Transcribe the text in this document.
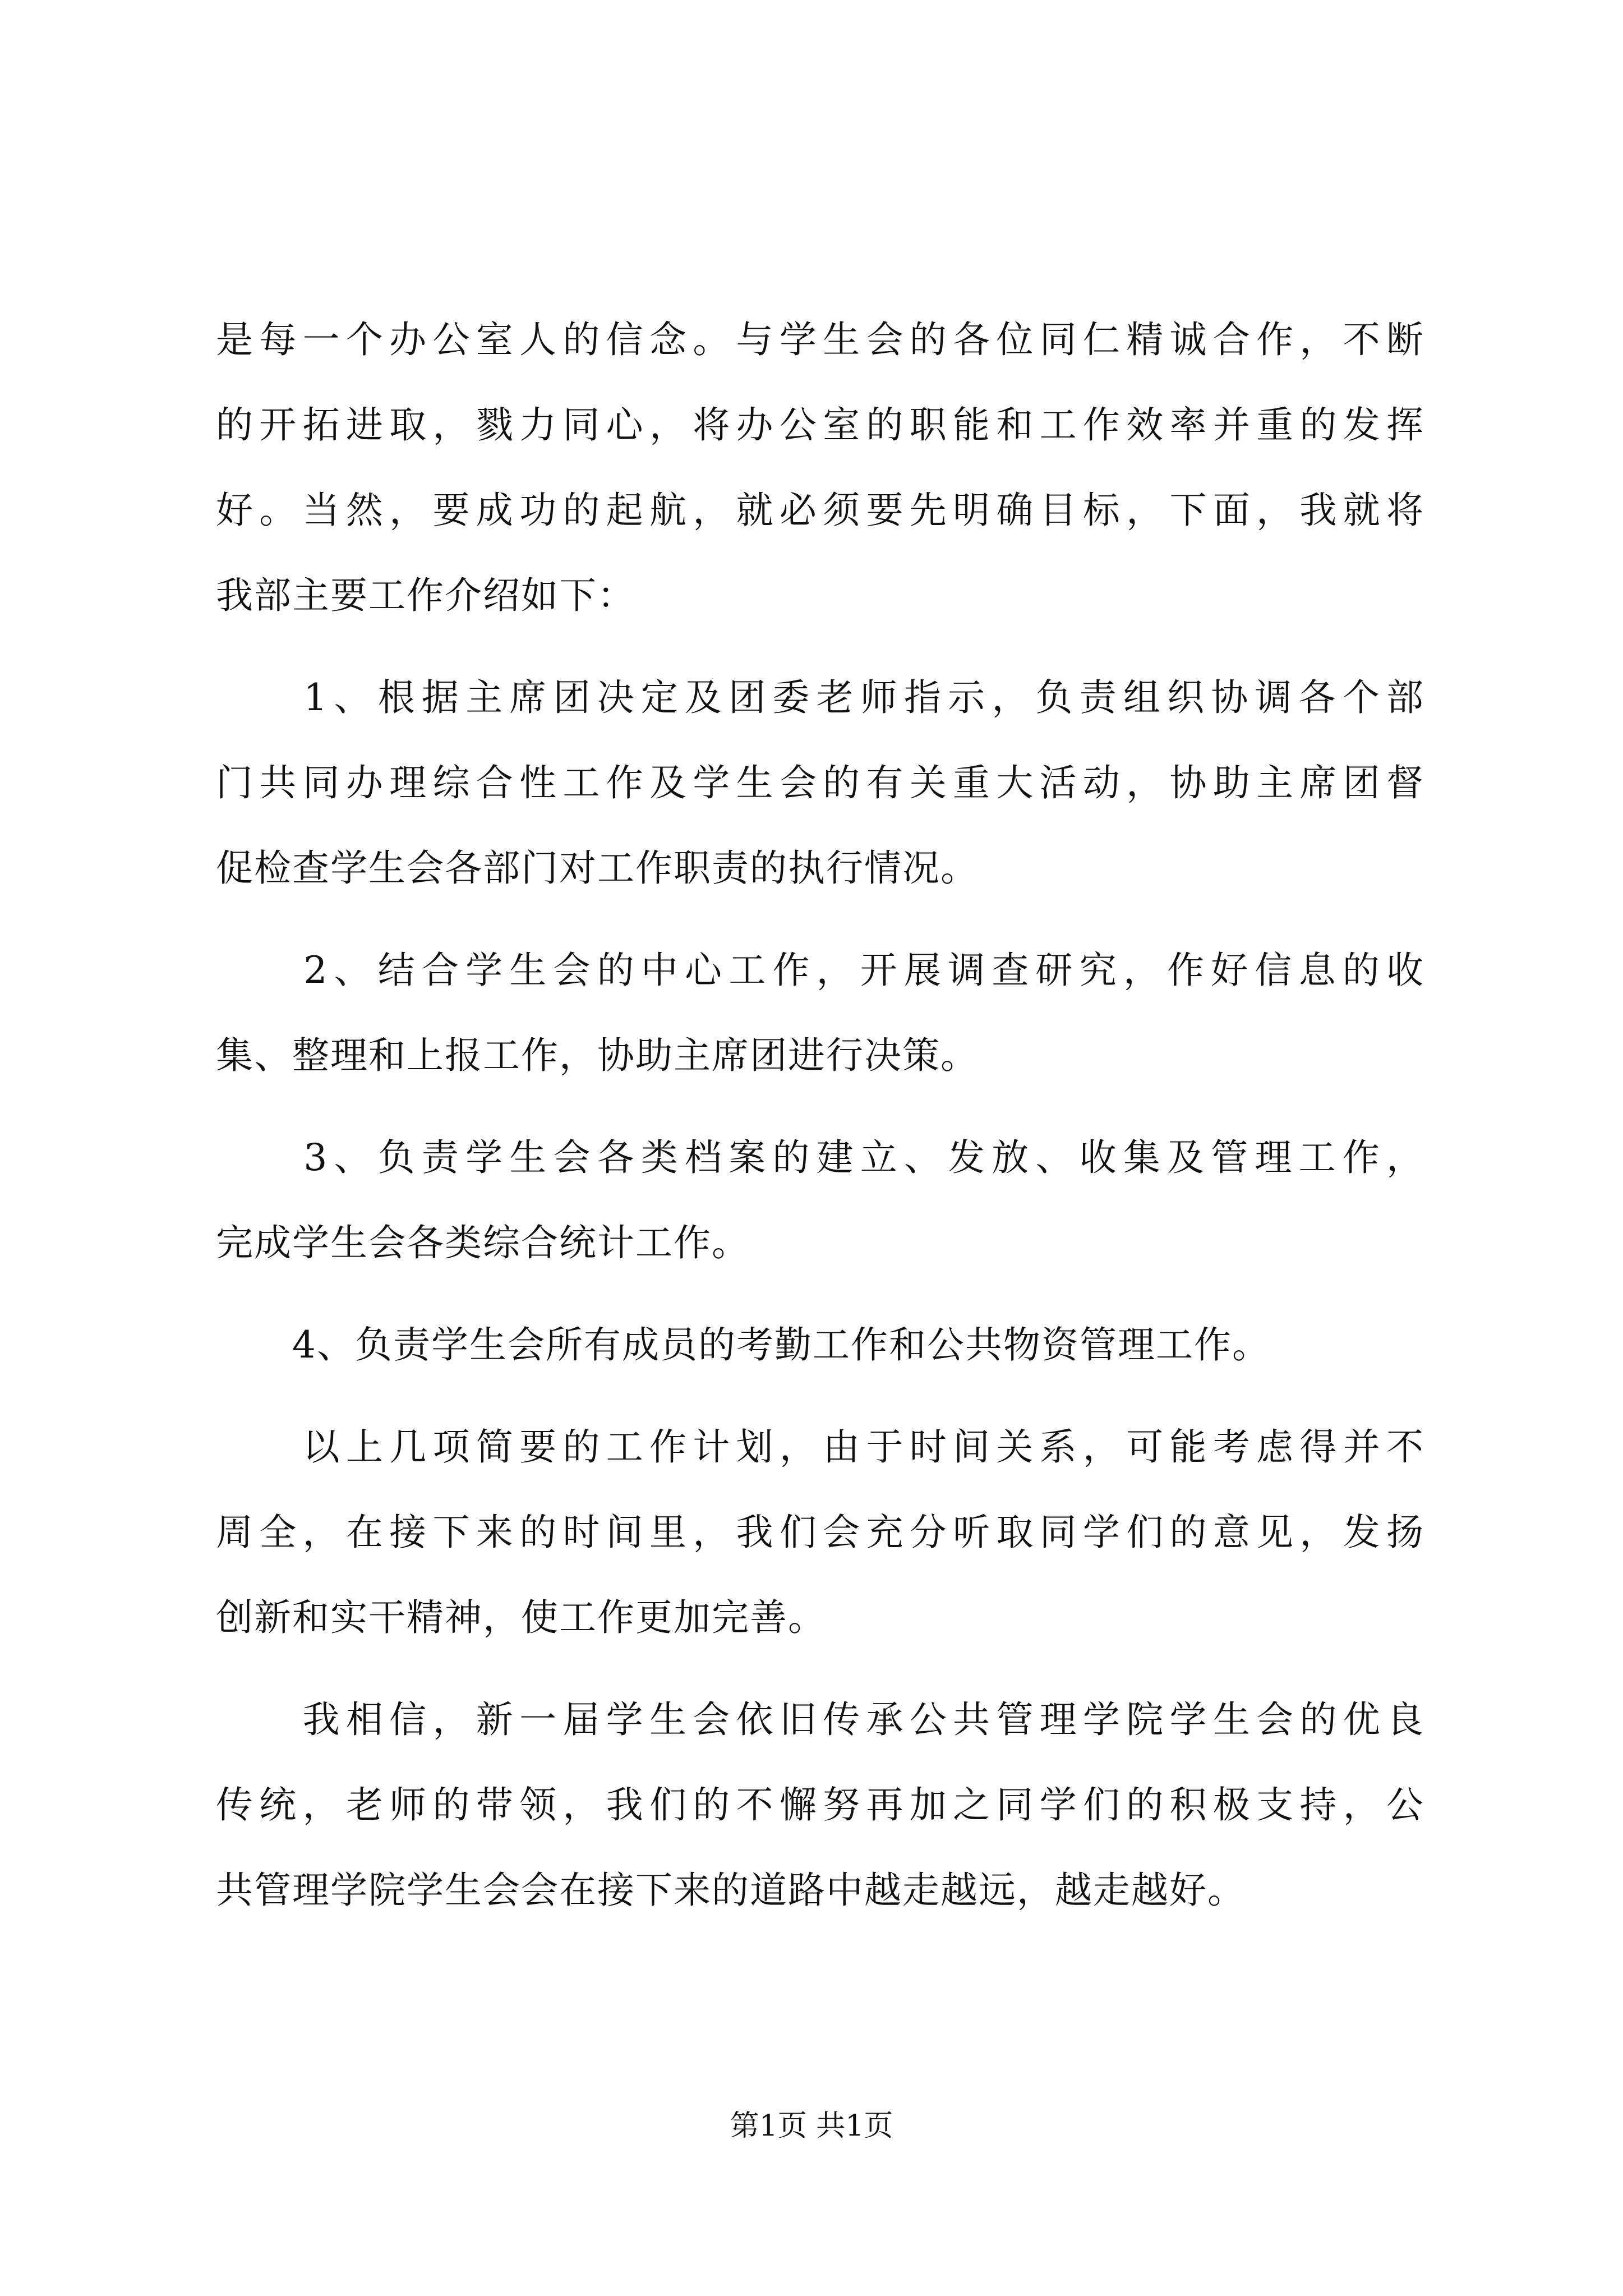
是每一个办公室人的信念。与学生会的各位同仁精诚合作，不断
的开拓进取，戮力同心，将办公室的职能和工作效率并重的发挥
好。当然，要成功的起航，就必须要先明确目标，下面，我就将
我部主要工作介绍如下：
　　1、根据主席团决定及团委老师指示，负责组织协调各个部
门共同办理综合性工作及学生会的有关重大活动，协助主席团督
促检查学生会各部门对工作职责的执行情况。
　　2、结合学生会的中心工作，开展调查研究，作好信息的收
集、整理和上报工作，协助主席团进行决策。
　　3、负责学生会各类档案的建立、发放、收集及管理工作，
完成学生会各类综合统计工作。
　　4、负责学生会所有成员的考勤工作和公共物资管理工作。
　　以上几项简要的工作计划，由于时间关系，可能考虑得并不
周全，在接下来的时间里，我们会充分听取同学们的意见，发扬
创新和实干精神，使工作更加完善。
　　我相信，新一届学生会依旧传承公共管理学院学生会的优良
传统，老师的带领，我们的不懈努再加之同学们的积极支持，公
共管理学院学生会会在接下来的道路中越走越远，越走越好。
第1页 共1页
